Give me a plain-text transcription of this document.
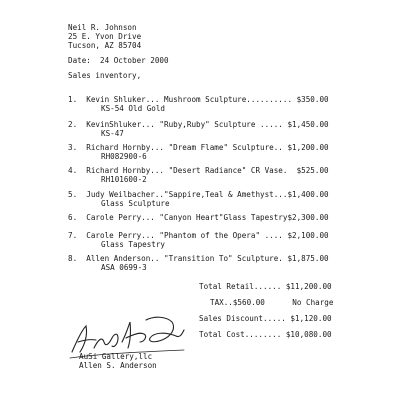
Neil R. Johnson
25 E. Yvon Drive
Tucson, AZ 85704
Date:  24 October 2000
Sales inventory,
1.  Kevin Shluker... Mushroom Sculpture.......... $350.00
KS-54 Old Gold
2.  KevinShluker... "Ruby,Ruby" Sculpture ..... $1,450.00
KS-47
3.  Richard Hornby... "Dream Flame" Sculpture.. $1,200.00
RH082900-6
4.  Richard Hornby... "Desert Radiance" CR Vase.  $525.00
RH101600-2
5.  Judy Weilbacher.."Sappire,Teal & Amethyst...$1,400.00
Glass Sculpture
6.  Carole Perry... "Canyon Heart"Glass Tapestry$2,300.00
7.  Carole Perry... "Phantom of the Opera" .... $2,100.00
Glass Tapestry
8.  Allen Anderson.. "Transition To" Sculpture. $1,875.00
ASA 0699-3
Total Retail...... $11,200.00
TAX..$560.00      No Charge
Sales Discount..... $1,120.00
Total Cost........ $10,080.00
AuSi Gallery,llc
Allen S. Anderson
